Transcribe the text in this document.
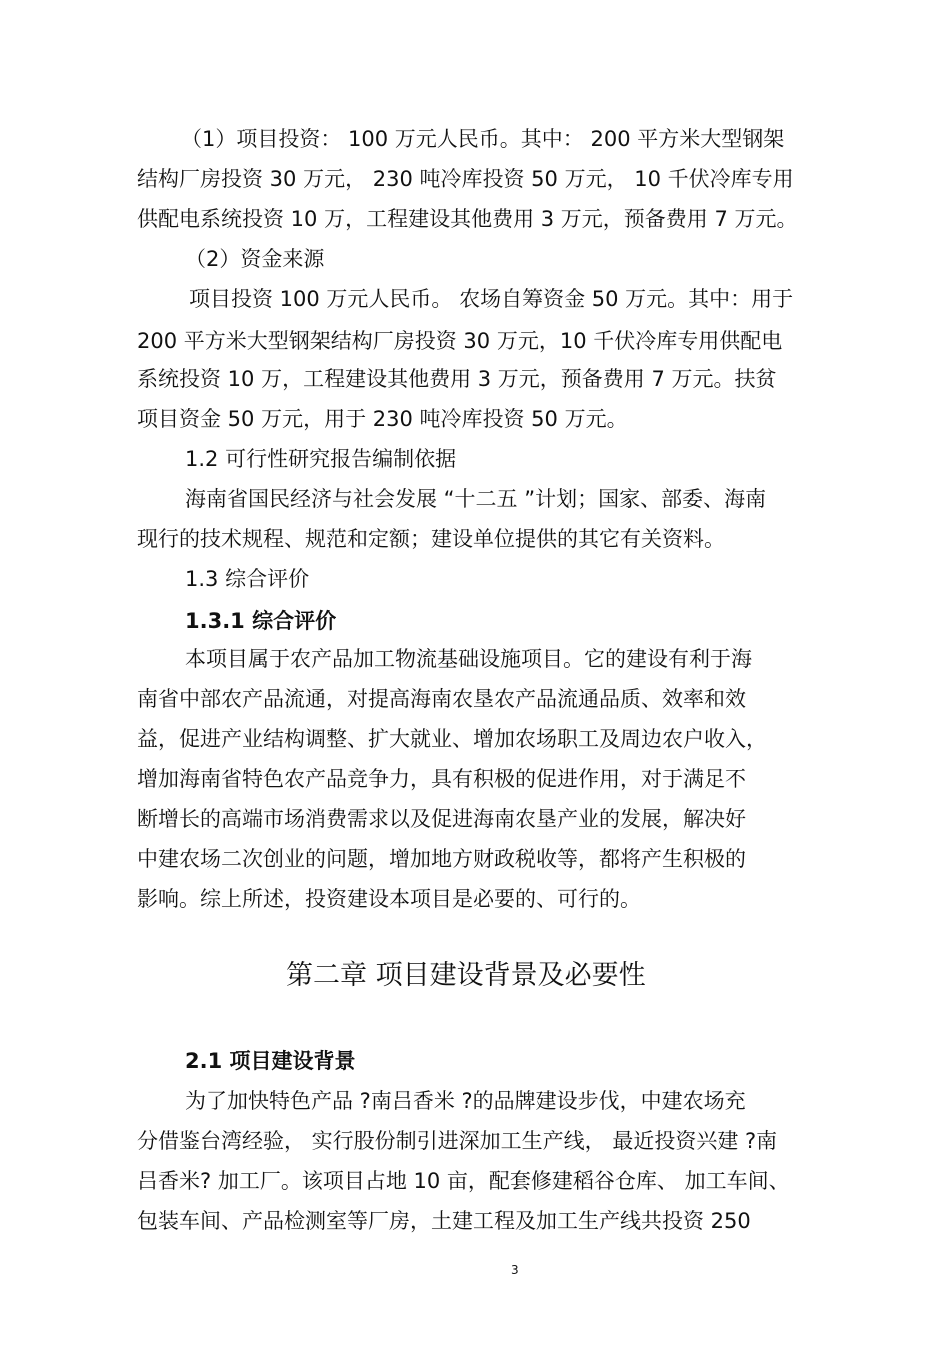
（1）项目投资： 100 万元人民币。其中： 200 平方米大型钢架
结构厂房投资 30 万元， 230 吨冷库投资 50 万元， 10 千伏冷库专用
供配电系统投资 10 万，工程建设其他费用 3 万元，预备费用 7 万元。
（2）资金来源
项目投资 100 万元人民币。 农场自筹资金 50 万元。其中：用于
200 平方米大型钢架结构厂房投资 30 万元，10 千伏冷库专用供配电
系统投资 10 万，工程建设其他费用 3 万元，预备费用 7 万元。扶贫
项目资金 50 万元，用于 230 吨冷库投资 50 万元。
1.2 可行性研究报告编制依据
海南省国民经济与社会发展 “十二五 ”计划；国家、部委、海南
现行的技术规程、规范和定额；建设单位提供的其它有关资料。
1.3 综合评价
1.3.1 综合评价
本项目属于农产品加工物流基础设施项目。它的建设有利于海
南省中部农产品流通，对提高海南农垦农产品流通品质、效率和效
益，促进产业结构调整、扩大就业、增加农场职工及周边农户收入，
增加海南省特色农产品竞争力，具有积极的促进作用，对于满足不
断增长的高端市场消费需求以及促进海南农垦产业的发展，解决好
中建农场二次创业的问题，增加地方财政税收等，都将产生积极的
影响。综上所述，投资建设本项目是必要的、可行的。
第二章 项目建设背景及必要性
2.1 项目建设背景
为了加快特色产品 ?南吕香米 ?的品牌建设步伐，中建农场充
分借鉴台湾经验， 实行股份制引进深加工生产线， 最近投资兴建 ?南
吕香米? 加工厂。该项目占地 10 亩，配套修建稻谷仓库、 加工车间、
包装车间、产品检测室等厂房，土建工程及加工生产线共投资 250
3
